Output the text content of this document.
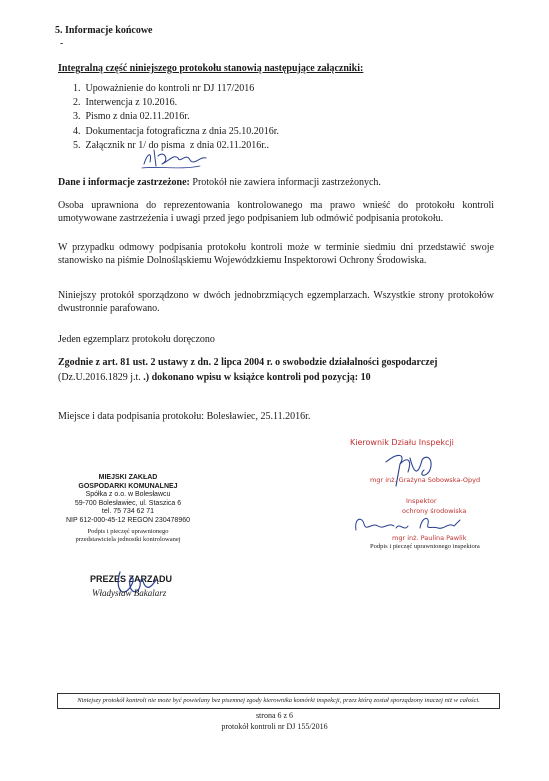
5. Informacje końcowe
-
Integralną część niniejszego protokołu stanowią następujące załączniki:
1.  Upoważnienie do kontroli nr DJ 117/2016
2.  Interwencja z 10.2016.
3.  Pismo z dnia 02.11.2016r.
4.  Dokumentacja fotograficzna z dnia 25.10.2016r.
5.  Załącznik nr 1/ do pisma  z dnia 02.11.2016r..
Dane i informacje zastrzeżone: Protokół nie zawiera informacji zastrzeżonych.
Osoba uprawniona do reprezentowania kontrolowanego ma prawo wnieść do protokołu kontroli umotywowane zastrzeżenia i uwagi przed jego podpisaniem lub odmówić podpisania protokołu.
W przypadku odmowy podpisania protokołu kontroli może w terminie siedmiu dni przedstawić swoje stanowisko na piśmie Dolnośląskiemu Wojewódzkiemu Inspektorowi Ochrony Środowiska.
Niniejszy protokół sporządzono w dwóch jednobrzmiących egzemplarzach. Wszystkie strony protokołów dwustronnie parafowano.
Jeden egzemplarz protokołu doręczono
Zgodnie z art. 81 ust. 2 ustawy z dn. 2 lipca 2004 r. o swobodzie działalności gospodarczej
(Dz.U.2016.1829 j.t. .) dokonano wpisu w książce kontroli pod pozycją: 10
Miejsce i data podpisania protokołu: Bolesławiec, 25.11.2016r.
Kierownik Działu Inspekcji
mgr inż. Grażyna Sobowska-Opyd
Inspektor
ochrony środowiska
mgr inż. Paulina Pawlik
Podpis i pieczęć uprawnionego inspektora
MIEJSKI ZAKŁAD
GOSPODARKI KOMUNALNEJ
Spółka z o.o. w Bolesławcu
59-700 Bolesławiec, ul. Staszica 6
tel. 75 734 62 71
NIP 612-000-45-12 REGON 230478960
Podpis i pieczęć uprawnionego
przedstawiciela jednostki kontrolowanej
PREZES ZARZĄDU
Władysław Bakalarz
Niniejszy protokół kontroli nie może być powielany bez pisemnej zgody kierownika komórki inspekcji, przez którą został sporządzony inaczej niż w całości.
strona 6 z 6
protokół kontroli nr DJ 155/2016
